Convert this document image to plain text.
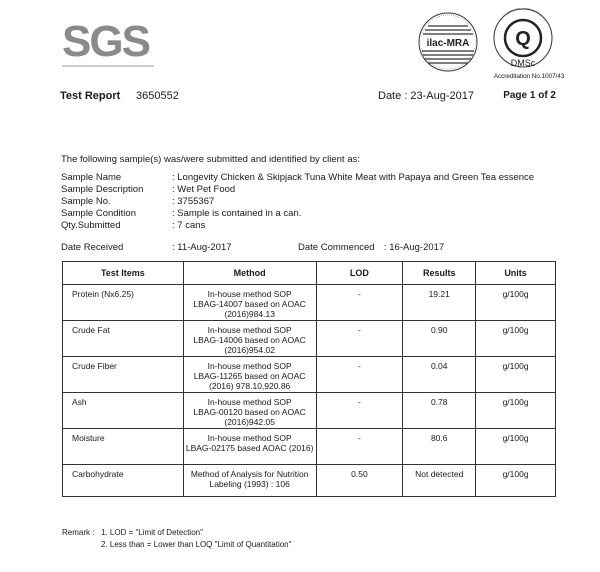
SGS	ilac-MRA Q
DMSc
Accreditation No.1007/43
Test Report 3650552	Date : 23-Aug-2017	Page 1 of 2
The following sample(s) was/were submitted and identified by client as:
Sample Name	: Longevity Chicken & Skipjack Tuna White Meat with Papaya and Green Tea essence
Sample Description	: Wet Pet Food
Sample No.	: 3755367
Sample Condition	: Sample is contained in a can.
Qty.Submitted	: 7 cans
Date Received	: 11-Aug-2017	Date Commenced : 16-Aug-2017
Test Items	Method	LOD	Results	Units
Protein (Nx6.25)	In-house method SOP
LBAG-14007 based on AOAC
(2016)984.13	-	19.21	g/100g
Crude Fat	In-house method SOP
LBAG-14006 based on AOAC
(2016)954.02	-	0.90	g/100g
Crude Fiber	In-house method SOP
LBAG-11265 based on AOAC
(2016) 978.10,920.86	-	0.04	g/100g
Ash	In-house method SOP
LBAG-00120 based on AOAC
(2016)942.05	-	0.78	g/100g
Moisture	In-house method SOP
LBAG-02175 based AOAC (2016)	-	80.6	g/100g
Carbohydrate	Method of Analysis for Nutrition
Labeling (1993) : 106	0.50	Not detected	g/100g
Remark : 1. LOD = "Limit of Detection"
2. Less than = Lower than LOQ "Limit of Quantitation"
